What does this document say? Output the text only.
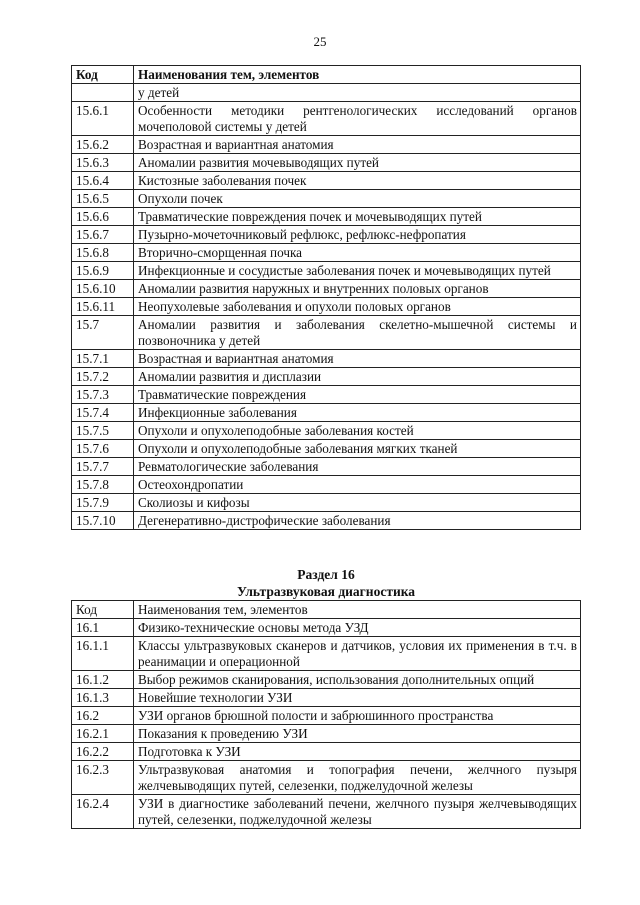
25
Код	Наименования тем, элементов
	у детей
15.6.1	Особенности методики рентгенологических исследований органов мочеполовой системы у детей
15.6.2	Возрастная и вариантная анатомия
15.6.3	Аномалии развития мочевыводящих путей
15.6.4	Кистозные заболевания почек
15.6.5	Опухоли почек
15.6.6	Травматические повреждения почек и мочевыводящих путей
15.6.7	Пузырно-мочеточниковый рефлюкс, рефлюкс-нефропатия
15.6.8	Вторично-сморщенная почка
15.6.9	Инфекционные и сосудистые заболевания почек и мочевыводящих путей
15.6.10	Аномалии развития наружных и внутренних половых органов
15.6.11	Неопухолевые заболевания и опухоли половых органов
15.7	Аномалии развития и заболевания скелетно-мышечной системы и позвоночника у детей
15.7.1	Возрастная и вариантная анатомия
15.7.2	Аномалии развития и дисплазии
15.7.3	Травматические повреждения
15.7.4	Инфекционные заболевания
15.7.5	Опухоли и опухолеподобные заболевания костей
15.7.6	Опухоли и опухолеподобные заболевания мягких тканей
15.7.7	Ревматологические заболевания
15.7.8	Остеохондропатии
15.7.9	Сколиозы и кифозы
15.7.10	Дегенеративно-дистрофические заболевания
Раздел 16
Ультразвуковая диагностика
Код	Наименования тем, элементов
16.1	Физико-технические основы метода УЗД
16.1.1	Классы ультразвуковых сканеров и датчиков, условия их применения в т.ч. в реанимации и операционной
16.1.2	Выбор режимов сканирования, использования дополнительных опций
16.1.3	Новейшие технологии УЗИ
16.2	УЗИ органов брюшной полости и забрюшинного пространства
16.2.1	Показания к проведению УЗИ
16.2.2	Подготовка к УЗИ
16.2.3	Ультразвуковая анатомия и топография печени, желчного пузыря желчевыводящих путей, селезенки, поджелудочной железы
16.2.4	УЗИ в диагностике заболеваний печени, желчного пузыря желчевыводящих путей, селезенки, поджелудочной железы
